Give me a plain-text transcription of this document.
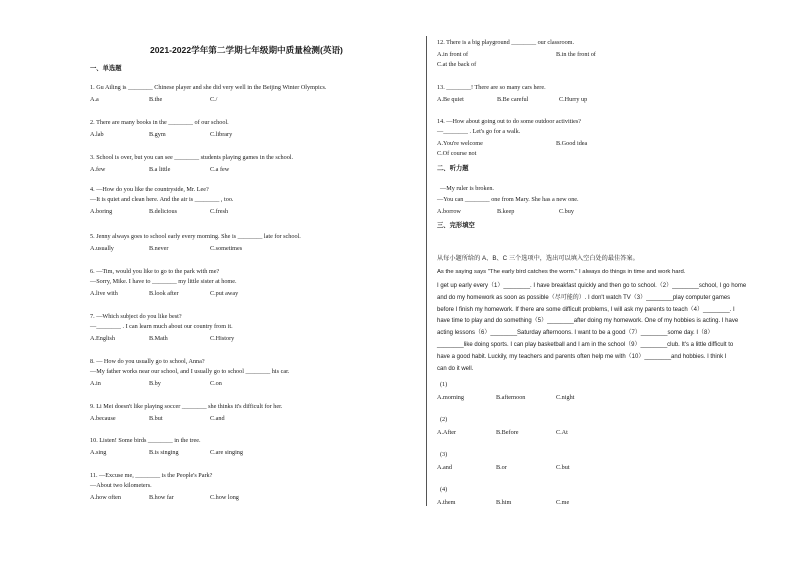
2021-2022学年第二学期七年级期中质量检测(英语)
一、单选题
1. Gu Ailing is ________ Chinese player and she did very well in the Beijing Winter Olympics.
A.a	B.the	C./
2. There are many books in the ________ of our school.
A.lab	B.gym	C.library
3. School is over, but you can see ________ students playing games in the school.
A.few	B.a little	C.a few
4. —How do you like the countryside, Mr. Lee?
—It is quiet and clean here. And the air is ________ , too.
A.boring	B.delicious	C.fresh
5. Jenny always goes to school early every morning. She is ________ late for school.
A.usually	B.never	C.sometimes
6. —Tim, would you like to go to the park with me?
—Sorry, Mike. I have to ________ my little sister at home.
A.live with	B.look after	C.put away
7. —Which subject do you like best?
—________ . I can learn much about our country from it.
A.English	B.Math	C.History
8. — How do you usually go to school, Anna?
—My father works near our school, and I usually go to school ________ his car.
A.in	B.by	C.on
9. Li Mei doesn't like playing soccer ________ she thinks it's difficult for her.
A.because	B.but	C.and
10. Listen! Some birds ________ in the tree.
A.sing	B.is singing	C.are singing
11. —Excuse me, ________ is the People's Park?
—About two kilometers.
A.how often	B.how far	C.how long
12. There is a big playground ________ our classroom.
A.in front of	B.in the front of
C.at the back of
13. ________! There are so many cars here.
A.Be quiet	B.Be careful	C.Hurry up
14. —How about going out to do some outdoor activities?
—________ . Let's go for a walk.
A.You're welcome	B.Good idea
C.Of course not
二、听力题
—My ruler is broken.
—You can ________ one from Mary. She has a new one.
A.borrow	B.keep	C.buy
三、完形填空
从每小题所给的 A、B、C 三个选项中，选出可以填入空白处的最佳答案。
As the saying says "The early bird catches the worm." I always do things in time and work hard.
I get up early every（1）________. I have breakfast quickly and then go to school.（2）________school, I go home
and do my homework as soon as possible（尽可能的）. I don't watch TV（3）________play computer games
before I finish my homework. If there are some difficult problems, I will ask my parents to teach（4）________. I
have time to play and do something（5）________after doing my homework. One of my hobbies is acting. I have
acting lessons（6）________Saturday afternoons. I want to be a good（7）________some day. I（8）
________like doing sports. I can play basketball and I am in the school（9）________club. It's a little difficult to
have a good habit. Luckily, my teachers and parents often help me with（10）________and hobbies. I think I
can do it well.
(1)
A.morning	B.afternoon	C.night
(2)
A.After	B.Before	C.At
(3)
A.and	B.or	C.but
(4)
A.them	B.him	C.me
